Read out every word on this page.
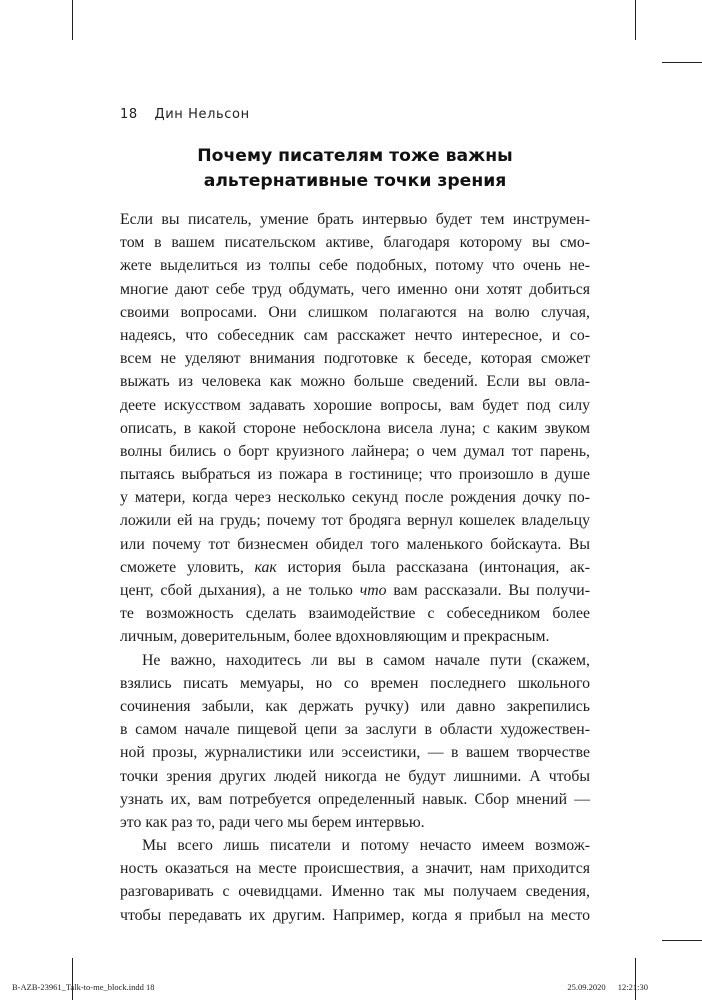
18 Дин Нельсон
Почему писателям тоже важны
альтернативные точки зрения
Если вы писатель, умение брать интервью будет тем инструмен-
том в вашем писательском активе, благодаря которому вы смо-
жете выделиться из толпы себе подобных, потому что очень не-
многие дают себе труд обдумать, чего именно они хотят добиться
своими вопросами. Они слишком полагаются на волю случая,
надеясь, что собеседник сам расскажет нечто интересное, и со-
всем не уделяют внимания подготовке к беседе, которая сможет
выжать из человека как можно больше сведений. Если вы овла-
деете искусством задавать хорошие вопросы, вам будет под силу
описать, в какой стороне небосклона висела луна; с каким звуком
волны бились о борт круизного лайнера; о чем думал тот парень,
пытаясь выбраться из пожара в гостинице; что произошло в душе
у матери, когда через несколько секунд после рождения дочку по-
ложили ей на грудь; почему тот бродяга вернул кошелек владельцу
или почему тот бизнесмен обидел того маленького бойскаута. Вы
сможете уловить, как история была рассказана (интонация, ак-
цент, сбой дыхания), а не только что вам рассказали. Вы получи-
те возможность сделать взаимодействие с собеседником более
личным, доверительным, более вдохновляющим и прекрасным.
Не важно, находитесь ли вы в самом начале пути (скажем,
взялись писать мемуары, но со времен последнего школьного
сочинения забыли, как держать ручку) или давно закрепились
в самом начале пищевой цепи за заслуги в области художествен-
ной прозы, журналистики или эссеистики, — в вашем творчестве
точки зрения других людей никогда не будут лишними. А чтобы
узнать их, вам потребуется определенный навык. Сбор мнений —
это как раз то, ради чего мы берем интервью.
Мы всего лишь писатели и потому нечасто имеем возмож-
ность оказаться на месте происшествия, а значит, нам приходится
разговаривать с очевидцами. Именно так мы получаем сведения,
чтобы передавать их другим. Например, когда я прибыл на место
B-AZB-23961_Talk-to-me_block.indd 18	25.09.2020 12:21:30
